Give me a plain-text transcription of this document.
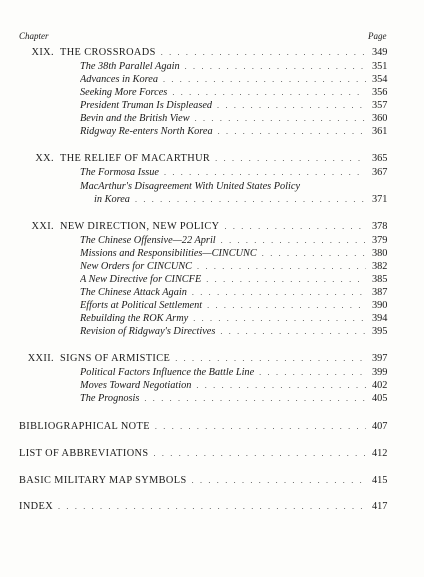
Chapter	Page
XIX. THE CROSSROADS . . .	349
The 38th Parallel Again . . .	351
Advances in Korea . . .	354
Seeking More Forces . . .	356
President Truman Is Displeased . . .	357
Bevin and the British View . . .	360
Ridgway Re-enters North Korea . . .	361
XX. THE RELIEF OF MACARTHUR . . .	365
The Formosa Issue . . .	367
MacArthur's Disagreement With United States Policy
in Korea . . .	371
XXI. NEW DIRECTION, NEW POLICY . . .	378
The Chinese Offensive—22 April . . .	379
Missions and Responsibilities—CINCUNC . . .	380
New Orders for CINCUNC . . .	382
A New Directive for CINCFE . . .	385
The Chinese Attack Again . . .	387
Efforts at Political Settlement . . .	390
Rebuilding the ROK Army . . .	394
Revision of Ridgway's Directives . . .	395
XXII. SIGNS OF ARMISTICE . . .	397
Political Factors Influence the Battle Line . . .	399
Moves Toward Negotiation . . .	402
The Prognosis . . .	405
BIBLIOGRAPHICAL NOTE . . .	407
LIST OF ABBREVIATIONS . . .	412
BASIC MILITARY MAP SYMBOLS . . .	415
INDEX . . .	417
